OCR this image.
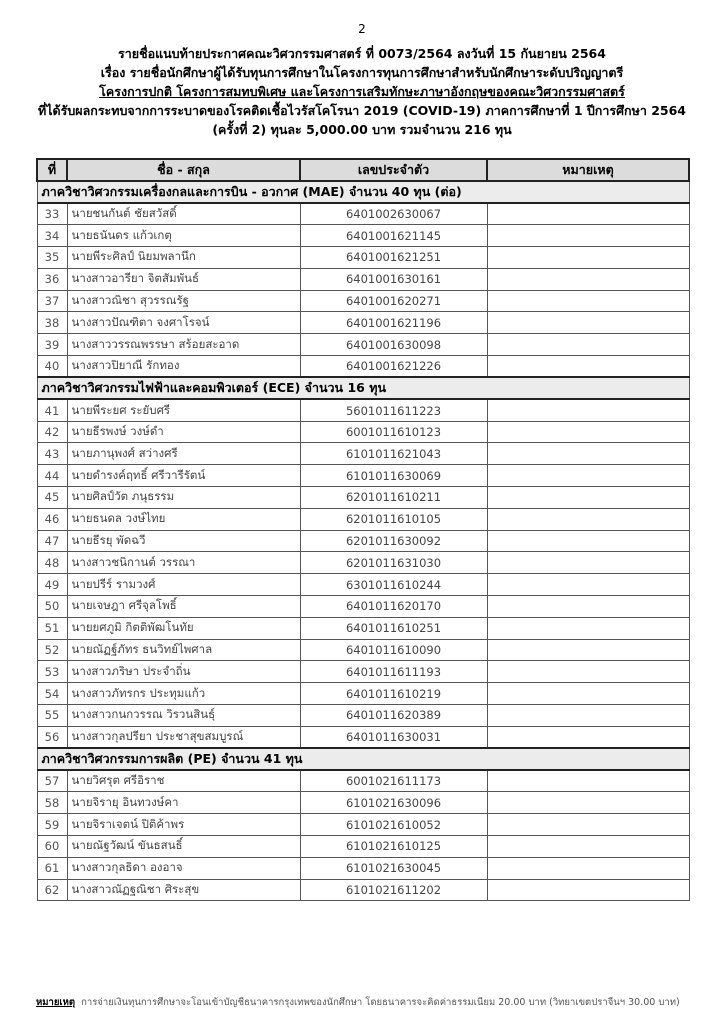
2
รายชื่อแนบท้ายประกาศคณะวิศวกรรมศาสตร์ ที่ 0073/2564 ลงวันที่ 15 กันยายน 2564
เรื่อง รายชื่อนักศึกษาผู้ได้รับทุนการศึกษาในโครงการทุนการศึกษาสำหรับนักศึกษาระดับปริญญาตรี
โครงการปกติ โครงการสมทบพิเศษ และโครงการเสริมทักษะภาษาอังกฤษของคณะวิศวกรรมศาสตร์
ที่ได้รับผลกระทบจากการระบาดของโรคติดเชื้อไวรัสโคโรนา 2019 (COVID-19) ภาคการศึกษาที่ 1 ปีการศึกษา 2564
(ครั้งที่ 2) ทุนละ 5,000.00 บาท รวมจำนวน 216 ทุน
ที่	ชื่อ - สกุล	เลขประจำตัว	หมายเหตุ
ภาควิชาวิศวกรรมเครื่องกลและการบิน - อวกาศ (MAE) จำนวน 40 ทุน (ต่อ)			
33	นายชนกันต์ ชัยสวัสดิ์	6401002630067	
34	นายธนันดร แก้วเกตุ	6401001621145	
35	นายพีระศิลป์ นิยมพลานึก	6401001621251	
36	นางสาวอารียา จิตสัมพันธ์	6401001630161	
37	นางสาวณิชา สุวรรณรัฐ	6401001620271	
38	นางสาวปัณฑิตา จงศาโรจน์	6401001621196	
39	นางสาววรรณพรรษา สร้อยสะอาด	6401001630098	
40	นางสาวปิยาณี รักทอง	6401001621226	
ภาควิชาวิศวกรรมไฟฟ้าและคอมพิวเตอร์ (ECE) จำนวน 16 ทุน			
41	นายพีระยศ ระยับศรี	5601011611223	
42	นายธีรพงษ์ วงษ์ดำ	6001011610123	
43	นายภานุพงศ์ สว่างศรี	6101011621043	
44	นายดำรงค์ฤทธิ์ ศรีวารีรัตน์	6101011630069	
45	นายศิลป์วัต ภนุธรรม	6201011610211	
46	นายธนดล วงษ์ไทย	6201011610105	
47	นายธีรยุ พัดฉวี	6201011630092	
48	นางสาวชนิกานต์ วรรณา	6201011631030	
49	นายปรีร์ รามวงศ์	6301011610244	
50	นายเจษฎา ศรีจุลโพธิ์	6401011620170	
51	นายยศภูมิ กิตติพัฒโนทัย	6401011610251	
52	นายณัฏฐ์ภัทร ธนวิทย์ไพศาล	6401011610090	
53	นางสาวภริษา ประจำถิ่น	6401011611193	
54	นางสาวภัทรกร ประทุมแก้ว	6401011610219	
55	นางสาวกนกวรรณ วิรวนสินธุ์	6401011620389	
56	นางสาวกุลปรียา ประชาสุขสมบูรณ์	6401011630031	
ภาควิชาวิศวกรรมการผลิต (PE) จำนวน 41 ทุน			
57	นายวิศรุต ศรีอิราช	6001021611173	
58	นายจิรายุ อินทวงษ์คา	6101021630096	
59	นายจิราเจตน์ ปิติค้าพร	6101021610052	
60	นายณัฐวัฒน์ ขันธสนธิ์	6101021610125	
61	นางสาวกุลธิดา องอาจ	6101021630045	
62	นางสาวณัฏฐณิชา ศิระสุข	6101021611202	
หมายเหตุ การจ่ายเงินทุนการศึกษาจะโอนเข้าบัญชีธนาคารกรุงเทพของนักศึกษา โดยธนาคารจะคิดค่าธรรมเนียม 20.00 บาท (วิทยาเขตปราจีนฯ 30.00 บาท)
